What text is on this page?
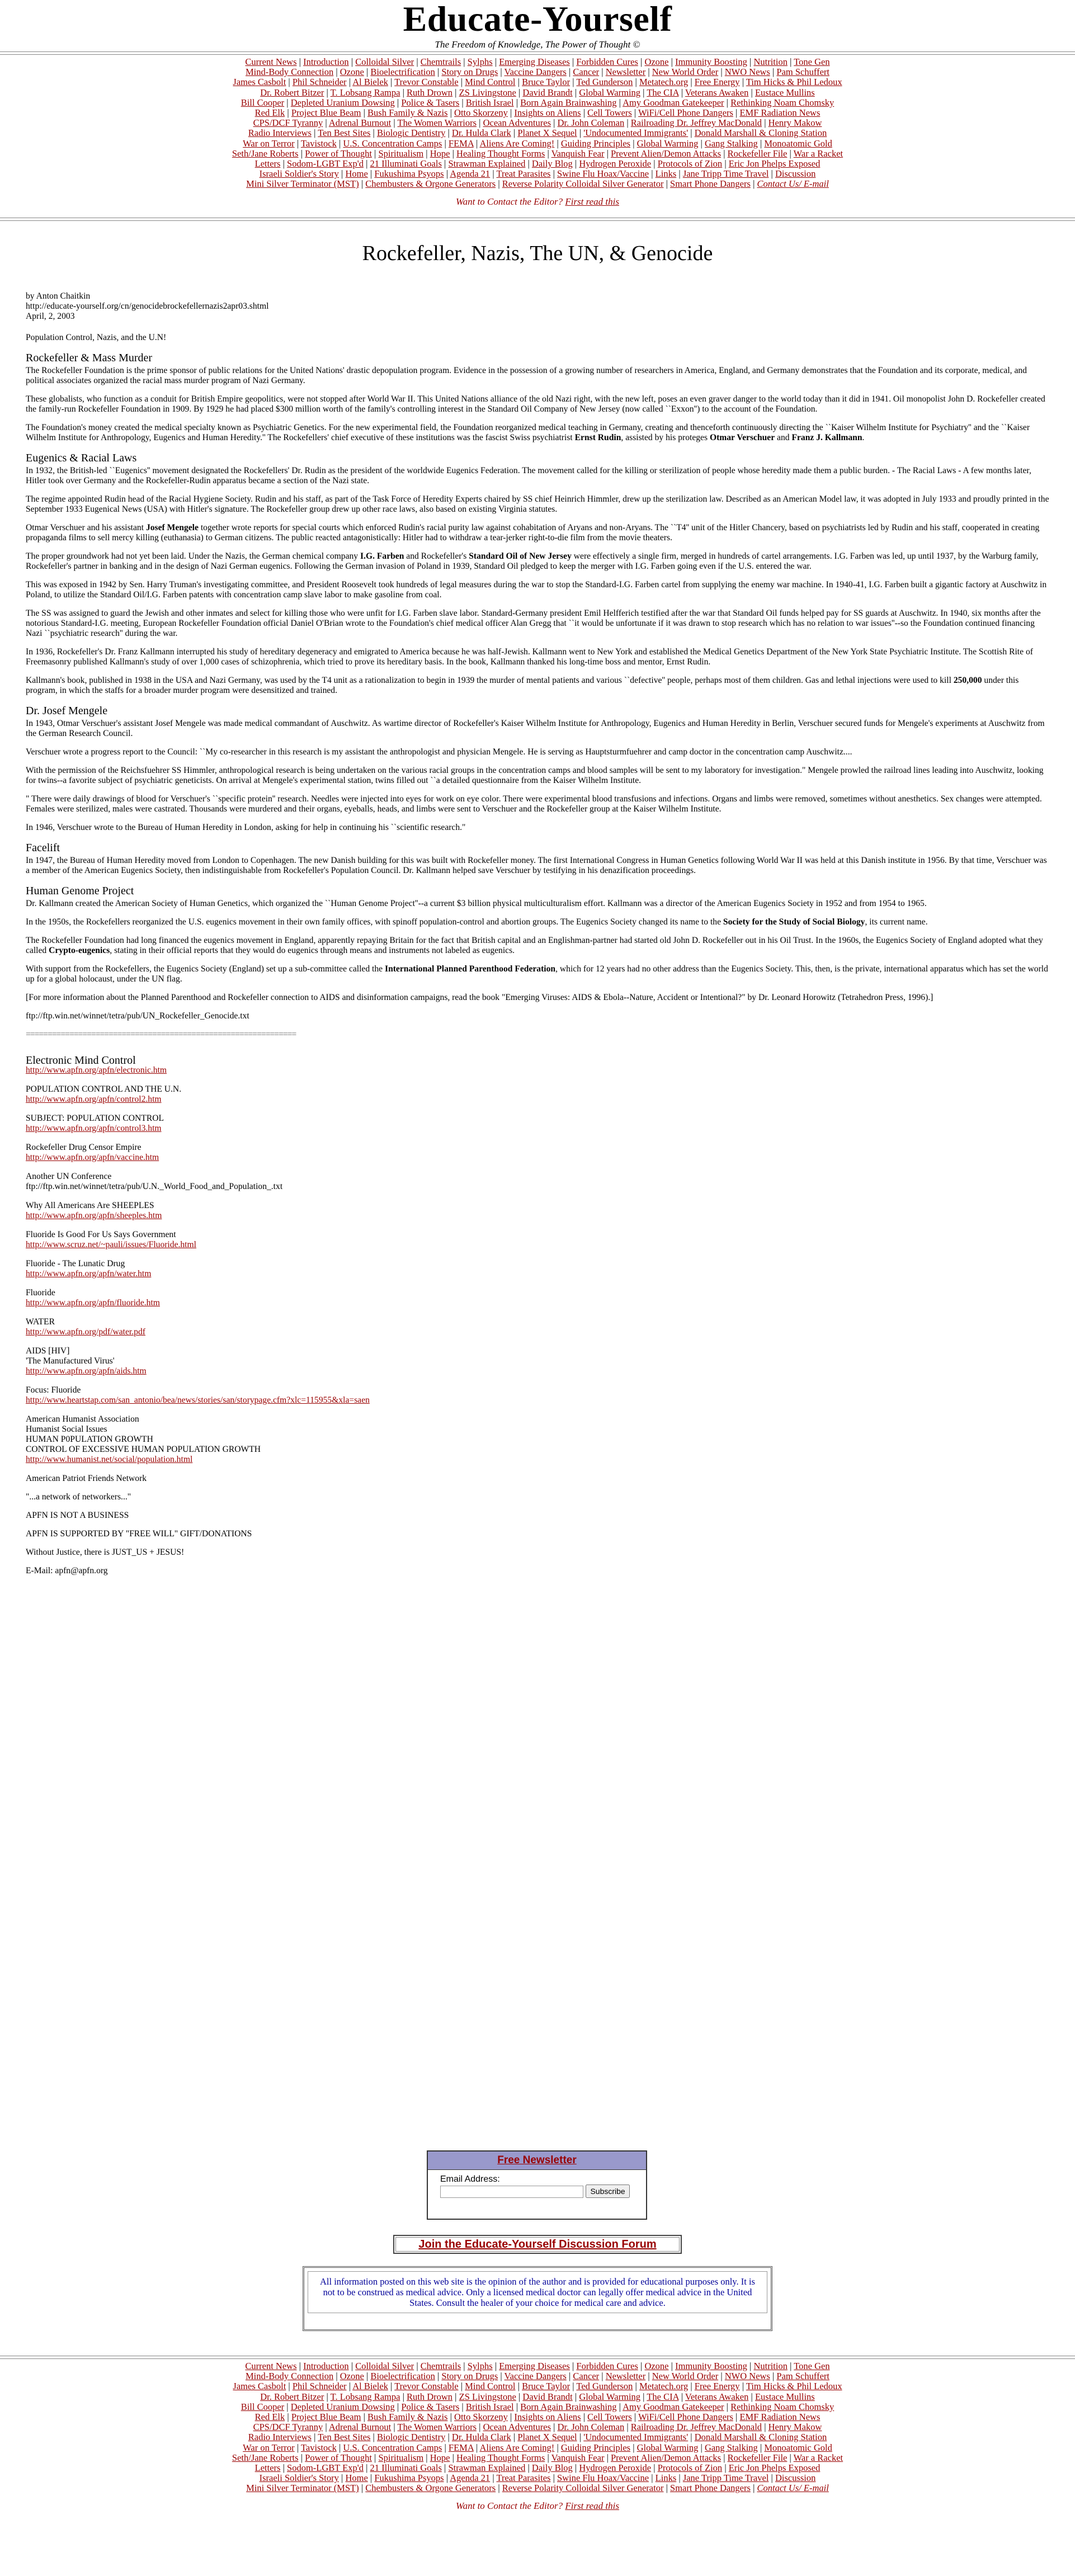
Educate-Yourself
The Freedom of Knowledge, The Power of Thought ©
Current News | Introduction | Colloidal Silver | Chemtrails | Sylphs | Emerging Diseases | Forbidden Cures | Ozone | Immunity Boosting | Nutrition | Tone Gen
Mind-Body Connection | Ozone | Bioelectrification | Story on Drugs | Vaccine Dangers | Cancer | Newsletter | New World Order | NWO News | Pam Schuffert
James Casbolt | Phil Schneider | Al Bielek | Trevor Constable | Mind Control | Bruce Taylor | Ted Gunderson | Metatech.org | Free Energy | Tim Hicks & Phil Ledoux
Dr. Robert Bitzer | T. Lobsang Rampa | Ruth Drown | ZS Livingstone | David Brandt | Global Warming | The CIA | Veterans Awaken | Eustace Mullins
Bill Cooper | Depleted Uranium Dowsing | Police & Tasers | British Israel | Born Again Brainwashing | Amy Goodman Gatekeeper | Rethinking Noam Chomsky
Red Elk | Project Blue Beam | Bush Family & Nazis | Otto Skorzeny | Insights on Aliens | Cell Towers | WiFi/Cell Phone Dangers | EMF Radiation News
CPS/DCF Tyranny | Adrenal Burnout | The Women Warriors | Ocean Adventures | Dr. John Coleman | Railroading Dr. Jeffrey MacDonald | Henry Makow
Radio Interviews | Ten Best Sites | Biologic Dentistry | Dr. Hulda Clark | Planet X Sequel | 'Undocumented Immigrants' | Donald Marshall & Cloning Station
War on Terror | Tavistock | U.S. Concentration Camps | FEMA | Aliens Are Coming! | Guiding Principles | Global Warming | Gang Stalking | Monoatomic Gold
Seth/Jane Roberts | Power of Thought | Spiritualism | Hope | Healing Thought Forms | Vanquish Fear | Prevent Alien/Demon Attacks | Rockefeller File | War a Racket
Letters | Sodom-LGBT Exp'd | 21 Illuminati Goals | Strawman Explained | Daily Blog | Hydrogen Peroxide | Protocols of Zion | Eric Jon Phelps Exposed
Israeli Soldier's Story | Home | Fukushima Psyops | Agenda 21 | Treat Parasites | Swine Flu Hoax/Vaccine | Links | Jane Tripp Time Travel | Discussion
Mini Silver Terminator (MST) | Chembusters & Orgone Generators | Reverse Polarity Colloidal Silver Generator | Smart Phone Dangers | Contact Us/ E-mail
Want to Contact the Editor? First read this
Rockefeller, Nazis, The UN, & Genocide
by Anton Chaitkin
http://educate-yourself.org/cn/genocidebrockefellernazis2apr03.shtml
April, 2, 2003

Population Control, Nazis, and the U.N!

Rockefeller & Mass Murder

The Rockefeller Foundation is the prime sponsor of public relations for the United Nations' drastic depopulation program. Evidence in the possession of a growing number of researchers in America, England, and Germany demonstrates that the Foundation and its corporate, medical, and political associates organized the racial mass murder program of Nazi Germany.

These globalists, who function as a conduit for British Empire geopolitics, were not stopped after World War II. This United Nations alliance of the old Nazi right, with the new left, poses an even graver danger to the world today than it did in 1941. Oil monopolist John D. Rockefeller created the family-run Rockefeller Foundation in 1909. By 1929 he had placed $300 million worth of the family's controlling interest in the Standard Oil Company of New Jersey (now called ``Exxon'') to the account of the Foundation.

The Foundation's money created the medical specialty known as Psychiatric Genetics. For the new experimental field, the Foundation reorganized medical teaching in Germany, creating and thenceforth continuously directing the ``Kaiser Wilhelm Institute for Psychiatry'' and the ``Kaiser Wilhelm Institute for Anthropology, Eugenics and Human Heredity.'' The Rockefellers' chief executive of these institutions was the fascist Swiss psychiatrist Ernst Rudin, assisted by his proteges Otmar Verschuer and Franz J. Kallmann.

Eugenics & Racial Laws

In 1932, the British-led ``Eugenics'' movement designated the Rockefellers' Dr. Rudin as the president of the worldwide Eugenics Federation. The movement called for the killing or sterilization of people whose heredity made them a public burden. - The Racial Laws - A few months later, Hitler took over Germany and the Rockefeller-Rudin apparatus became a section of the Nazi state.

The regime appointed Rudin head of the Racial Hygiene Society. Rudin and his staff, as part of the Task Force of Heredity Experts chaired by SS chief Heinrich Himmler, drew up the sterilization law. Described as an American Model law, it was adopted in July 1933 and proudly printed in the September 1933 Eugenical News (USA) with Hitler's signature. The Rockefeller group drew up other race laws, also based on existing Virginia statutes.

Otmar Verschuer and his assistant Josef Mengele together wrote reports for special courts which enforced Rudin's racial purity law against cohabitation of Aryans and non-Aryans. The ``T4'' unit of the Hitler Chancery, based on psychiatrists led by Rudin and his staff, cooperated in creating propaganda films to sell mercy killing (euthanasia) to German citizens. The public reacted antagonistically: Hitler had to withdraw a tear-jerker right-to-die film from the movie theaters.

The proper groundwork had not yet been laid. Under the Nazis, the German chemical company I.G. Farben and Rockefeller's Standard Oil of New Jersey were effectively a single firm, merged in hundreds of cartel arrangements. I.G. Farben was led, up until 1937, by the Warburg family, Rockefeller's partner in banking and in the design of Nazi German eugenics. Following the German invasion of Poland in 1939, Standard Oil pledged to keep the merger with I.G. Farben going even if the U.S. entered the war.

This was exposed in 1942 by Sen. Harry Truman's investigating committee, and President Roosevelt took hundreds of legal measures during the war to stop the Standard-I.G. Farben cartel from supplying the enemy war machine. In 1940-41, I.G. Farben built a gigantic factory at Auschwitz in Poland, to utilize the Standard Oil/I.G. Farben patents with concentration camp slave labor to make gasoline from coal.

The SS was assigned to guard the Jewish and other inmates and select for killing those who were unfit for I.G. Farben slave labor. Standard-Germany president Emil Helfferich testified after the war that Standard Oil funds helped pay for SS guards at Auschwitz. In 1940, six months after the notorious Standard-I.G. meeting, European Rockefeller Foundation official Daniel O'Brian wrote to the Foundation's chief medical officer Alan Gregg that ``it would be unfortunate if it was drawn to stop research which has no relation to war issues''--so the Foundation continued financing Nazi ``psychiatric research'' during the war.

In 1936, Rockefeller's Dr. Franz Kallmann interrupted his study of hereditary degeneracy and emigrated to America because he was half-Jewish. Kallmann went to New York and established the Medical Genetics Department of the New York State Psychiatric Institute. The Scottish Rite of Freemasonry published Kallmann's study of over 1,000 cases of schizophrenia, which tried to prove its hereditary basis. In the book, Kallmann thanked his long-time boss and mentor, Ernst Rudin.

Kallmann's book, published in 1938 in the USA and Nazi Germany, was used by the T4 unit as a rationalization to begin in 1939 the murder of mental patients and various ``defective'' people, perhaps most of them children. Gas and lethal injections were used to kill 250,000 under this program, in which the staffs for a broader murder program were desensitized and trained.

Dr. Josef Mengele

In 1943, Otmar Verschuer's assistant Josef Mengele was made medical commandant of Auschwitz. As wartime director of Rockefeller's Kaiser Wilhelm Institute for Anthropology, Eugenics and Human Heredity in Berlin, Verschuer secured funds for Mengele's experiments at Auschwitz from the German Research Council.

Verschuer wrote a progress report to the Council: ``My co-researcher in this research is my assistant the anthropologist and physician Mengele. He is serving as Hauptsturmfuehrer and camp doctor in the concentration camp Auschwitz....

With the permission of the Reichsfuehrer SS Himmler, anthropological research is being undertaken on the various racial groups in the concentration camps and blood samples will be sent to my laboratory for investigation." Mengele prowled the railroad lines leading into Auschwitz, looking for twins--a favorite subject of psychiatric geneticists. On arrival at Mengele's experimental station, twins filled out ``a detailed questionnaire from the Kaiser Wilhelm Institute.

" There were daily drawings of blood for Verschuer's ``specific protein'' research. Needles were injected into eyes for work on eye color. There were experimental blood transfusions and infections. Organs and limbs were removed, sometimes without anesthetics. Sex changes were attempted. Females were sterilized, males were castrated. Thousands were murdered and their organs, eyeballs, heads, and limbs were sent to Verschuer and the Rockefeller group at the Kaiser Wilhelm Institute.

In 1946, Verschuer wrote to the Bureau of Human Heredity in London, asking for help in continuing his ``scientific research."

Facelift

In 1947, the Bureau of Human Heredity moved from London to Copenhagen. The new Danish building for this was built with Rockefeller money. The first International Congress in Human Genetics following World War II was held at this Danish institute in 1956. By that time, Verschuer was a member of the American Eugenics Society, then indistinguishable from Rockefeller's Population Council. Dr. Kallmann helped save Verschuer by testifying in his denazification proceedings.

Human Genome Project

Dr. Kallmann created the American Society of Human Genetics, which organized the ``Human Genome Project''--a current $3 billion physical multiculturalism effort. Kallmann was a director of the American Eugenics Society in 1952 and from 1954 to 1965.

In the 1950s, the Rockefellers reorganized the U.S. eugenics movement in their own family offices, with spinoff population-control and abortion groups. The Eugenics Society changed its name to the Society for the Study of Social Biology, its current name.

The Rockefeller Foundation had long financed the eugenics movement in England, apparently repaying Britain for the fact that British capital and an Englishman-partner had started old John D. Rockefeller out in his Oil Trust. In the 1960s, the Eugenics Society of England adopted what they called Crypto-eugenics, stating in their official reports that they would do eugenics through means and instruments not labeled as eugenics.

With support from the Rockefellers, the Eugenics Society (England) set up a sub-committee called the International Planned Parenthood Federation, which for 12 years had no other address than the Eugenics Society. This, then, is the private, international apparatus which has set the world up for a global holocaust, under the UN flag.

[For more information about the Planned Parenthood and Rockefeller connection to AIDS and disinformation campaigns, read the book "Emerging Viruses: AIDS & Ebola--Nature, Accident or Intentional?" by Dr. Leonard Horowitz (Tetrahedron Press, 1996).]

ftp://ftp.win.net/winnet/tetra/pub/UN_Rockefeller_Genocide.txt

==============================================================

Electronic Mind Control
http://www.apfn.org/apfn/electronic.htm

POPULATION CONTROL AND THE U.N.
http://www.apfn.org/apfn/control2.htm

SUBJECT: POPULATION CONTROL
http://www.apfn.org/apfn/control3.htm

Rockefeller Drug Censor Empire
http://www.apfn.org/apfn/vaccine.htm

Another UN Conference
ftp://ftp.win.net/winnet/tetra/pub/U.N._World_Food_and_Population_.txt

Why All Americans Are SHEEPLES
http://www.apfn.org/apfn/sheeples.htm

Fluoride Is Good For Us Says Government
http://www.scruz.net/~pauli/issues/Fluoride.html

Fluoride - The Lunatic Drug
http://www.apfn.org/apfn/water.htm

Fluoride
http://www.apfn.org/apfn/fluoride.htm

WATER
http://www.apfn.org/pdf/water.pdf

AIDS [HIV]
'The Manufactured Virus'
http://www.apfn.org/apfn/aids.htm

Focus: Fluoride
http://www.heartstap.com/san_antonio/bea/news/stories/san/storypage.cfm?xlc=115955&xla=saen

American Humanist Association
Humanist Social Issues
HUMAN P0PULATION GROWTH
CONTROL OF EXCESSIVE HUMAN POPULATION GROWTH
http://www.humanist.net/social/population.html

American Patriot Friends Network

"...a network of networkers..."

APFN IS NOT A BUSINESS

APFN IS SUPPORTED BY "FREE WILL" GIFT/DONATIONS

Without Justice, there is JUST_US + JESUS!

E-Mail: apfn@apfn.org

Free Newsletter
Email Address:
Subscribe
Join the Educate-Yourself Discussion Forum
All information posted on this web site is the opinion of the author and is provided for educational purposes only. It is not to be construed as medical advice. Only a licensed medical doctor can legally offer medical advice in the United States. Consult the healer of your choice for medical care and advice.
Current News | Introduction | Colloidal Silver | Chemtrails | Sylphs | Emerging Diseases | Forbidden Cures | Ozone | Immunity Boosting | Nutrition | Tone Gen
Mind-Body Connection | Ozone | Bioelectrification | Story on Drugs | Vaccine Dangers | Cancer | Newsletter | New World Order | NWO News | Pam Schuffert
James Casbolt | Phil Schneider | Al Bielek | Trevor Constable | Mind Control | Bruce Taylor | Ted Gunderson | Metatech.org | Free Energy | Tim Hicks & Phil Ledoux
Dr. Robert Bitzer | T. Lobsang Rampa | Ruth Drown | ZS Livingstone | David Brandt | Global Warming | The CIA | Veterans Awaken | Eustace Mullins
Bill Cooper | Depleted Uranium Dowsing | Police & Tasers | British Israel | Born Again Brainwashing | Amy Goodman Gatekeeper | Rethinking Noam Chomsky
Red Elk | Project Blue Beam | Bush Family & Nazis | Otto Skorzeny | Insights on Aliens | Cell Towers | WiFi/Cell Phone Dangers | EMF Radiation News
CPS/DCF Tyranny | Adrenal Burnout | The Women Warriors | Ocean Adventures | Dr. John Coleman | Railroading Dr. Jeffrey MacDonald | Henry Makow
Radio Interviews | Ten Best Sites | Biologic Dentistry | Dr. Hulda Clark | Planet X Sequel | 'Undocumented Immigrants' | Donald Marshall & Cloning Station
War on Terror | Tavistock | U.S. Concentration Camps | FEMA | Aliens Are Coming! | Guiding Principles | Global Warming | Gang Stalking | Monoatomic Gold
Seth/Jane Roberts | Power of Thought | Spiritualism | Hope | Healing Thought Forms | Vanquish Fear | Prevent Alien/Demon Attacks | Rockefeller File | War a Racket
Letters | Sodom-LGBT Exp'd | 21 Illuminati Goals | Strawman Explained | Daily Blog | Hydrogen Peroxide | Protocols of Zion | Eric Jon Phelps Exposed
Israeli Soldier's Story | Home | Fukushima Psyops | Agenda 21 | Treat Parasites | Swine Flu Hoax/Vaccine | Links | Jane Tripp Time Travel | Discussion
Mini Silver Terminator (MST) | Chembusters & Orgone Generators | Reverse Polarity Colloidal Silver Generator | Smart Phone Dangers | Contact Us/ E-mail
Want to Contact the Editor? First read this
